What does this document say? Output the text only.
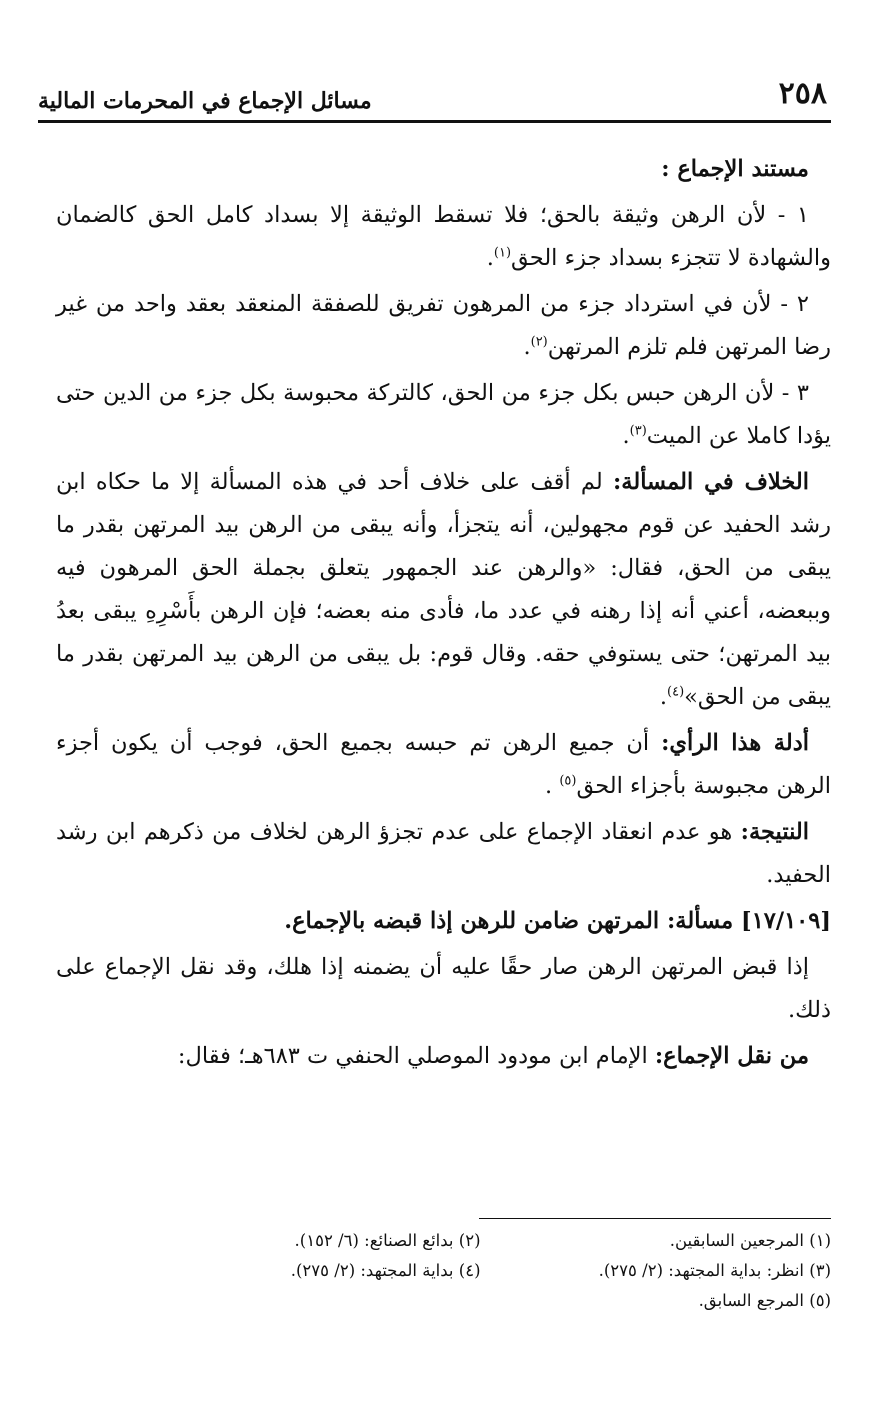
٢٥٨
مسائل الإجماع في المحرمات المالية

مستند الإجماع :

١ - لأن الرهن وثيقة بالحق؛ فلا تسقط الوثيقة إلا بسداد كامل الحق كالضمان والشهادة لا تتجزء بسداد جزء الحق$^{(١)}$.

٢ - لأن في استرداد جزء من المرهون تفريق للصفقة المنعقد بعقد واحد من غير رضا المرتهن فلم تلزم المرتهن$^{(٢)}$.

٣ - لأن الرهن حبس بكل جزء من الحق، كالتركة محبوسة بكل جزء من الدين حتى يؤدا كاملا عن الميت$^{(٣)}$.

الخلاف في المسألة: لم أقف على خلاف أحد في هذه المسألة إلا ما حكاه ابن رشد الحفيد عن قوم مجهولين، أنه يتجزأ، وأنه يبقى من الرهن بيد المرتهن بقدر ما يبقى من الحق، فقال: «والرهن عند الجمهور يتعلق بجملة الحق المرهون فيه وببعضه، أعني أنه إذا رهنه في عدد ما، فأدى منه بعضه؛ فإن الرهن بأَسْرِهِ يبقى بعدُ بيد المرتهن؛ حتى يستوفي حقه. وقال قوم: بل يبقى من الرهن بيد المرتهن بقدر ما يبقى من الحق»$^{(٤)}$.

أدلة هذا الرأي: أن جميع الرهن تم حبسه بجميع الحق، فوجب أن يكون أجزء الرهن مجبوسة بأجزاء الحق$^{(٥)}$ .

النتيجة: هو عدم انعقاد الإجماع على عدم تجزؤ الرهن لخلاف من ذكرهم ابن رشد الحفيد.

[١٧/١٠٩] مسألة: المرتهن ضامن للرهن إذا قبضه بالإجماع.

إذا قبض المرتهن الرهن صار حقًا عليه أن يضمنه إذا هلك، وقد نقل الإجماع على ذلك.

من نقل الإجماع: الإمام ابن مودود الموصلي الحنفي ت ٦٨٣هـ؛ فقال:

(١) المرجعين السابقين.
(٢) بدائع الصنائع: (٦/ ١٥٢).
(٣) انظر: بداية المجتهد: (٢/ ٢٧٥).
(٤) بداية المجتهد: (٢/ ٢٧٥).
(٥) المرجع السابق.
